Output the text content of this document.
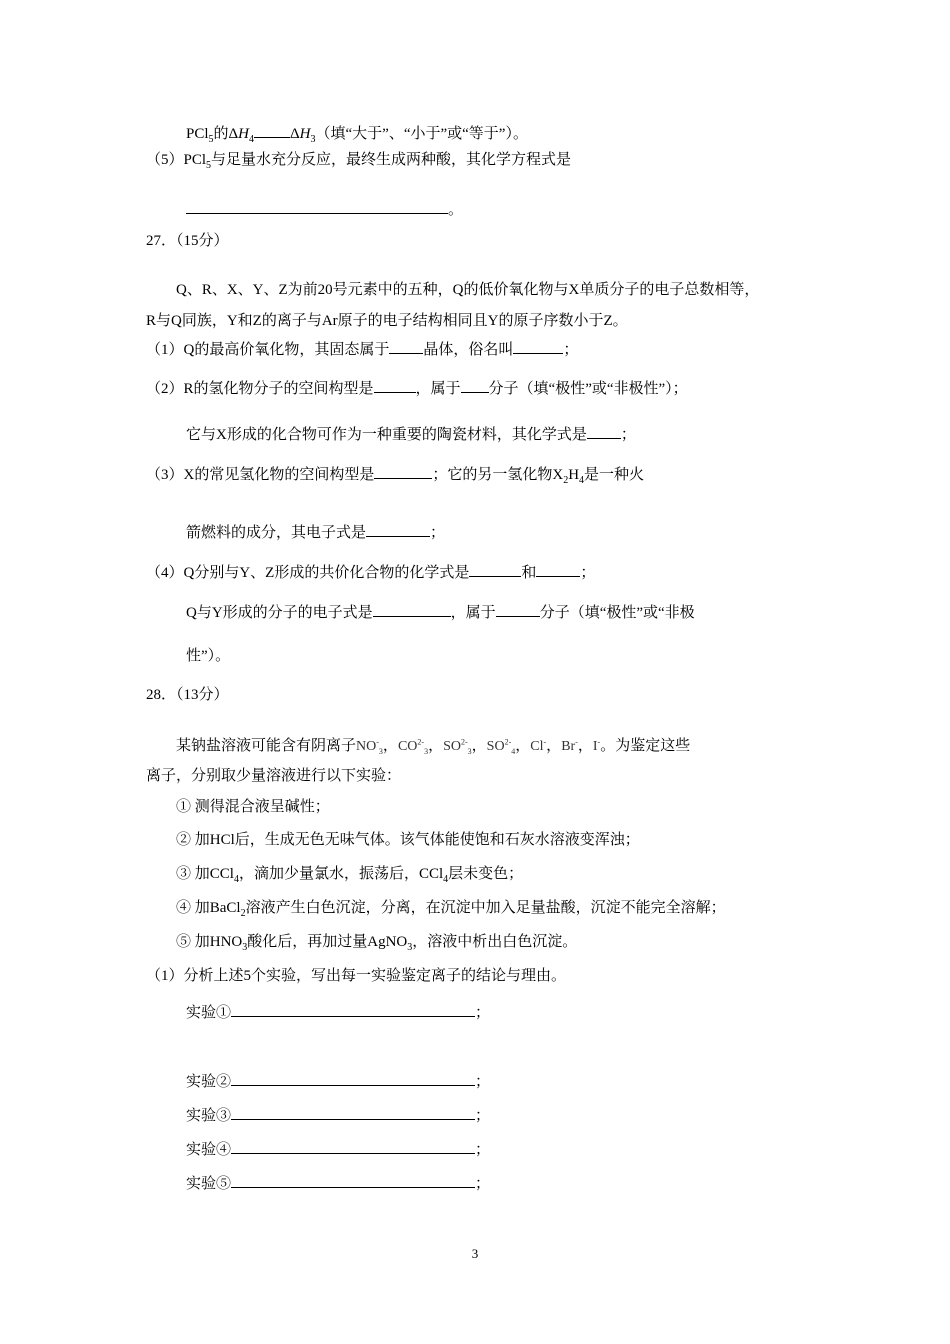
PCl$_5$的$\Delta H_4$ $\Delta H_3$（填“大于”、“小于”或“等于”）。
（5）PCl$_5$与足量水充分反应，最终生成两种酸，其化学方程式是
。
27．（15分）
Q、R、X、Y、Z为前20号元素中的五种，Q的低价氧化物与X单质分子的电子总数相等，
R与Q同族，Y和Z的离子与Ar原子的电子结构相同且Y的原子序数小于Z。
（1）Q的最高价氧化物，其固态属于 晶体，俗名叫	；
（2）R的氢化物分子的空间构型是	，属于 分子（填“极性”或“非极性”）；
它与X形成的化合物可作为一种重要的陶瓷材料，其化学式是 ；
（3）X的常见氢化物的空间构型是	；它的另一氢化物$X_2H_4$是一种火
箭燃料的成分，其电子式是	；
（4）Q分别与Y、Z形成的共价化合物的化学式是	和	；
Q与Y形成的分子的电子式是	，属于	分子（填“极性”或“非极
性”）。
28．（13分）
某钠盐溶液可能含有阴离子$NO^-_3$，$CO^{2-}_3$，$SO^{2-}_3$，$SO^{2-}_4$，Cl-，Br-，I-。为鉴定这些
离子，分别取少量溶液进行以下实验：
① 测得混合液呈碱性；
② 加HCl后，生成无色无味气体。该气体能使饱和石灰水溶液变浑浊；
③ 加CCl$_4$，滴加少量氯水，振荡后，CCl$_4$层未变色；
④ 加BaCl$_2$溶液产生白色沉淀，分离，在沉淀中加入足量盐酸，沉淀不能完全溶解；
⑤ 加$HNO_3$酸化后，再加过量AgNO$_3$，溶液中析出白色沉淀。
（1）分析上述5个实验，写出每一实验鉴定离子的结论与理由。
实验①	；
实验②	；
实验③	；
实验④	；
实验⑤	；
3
